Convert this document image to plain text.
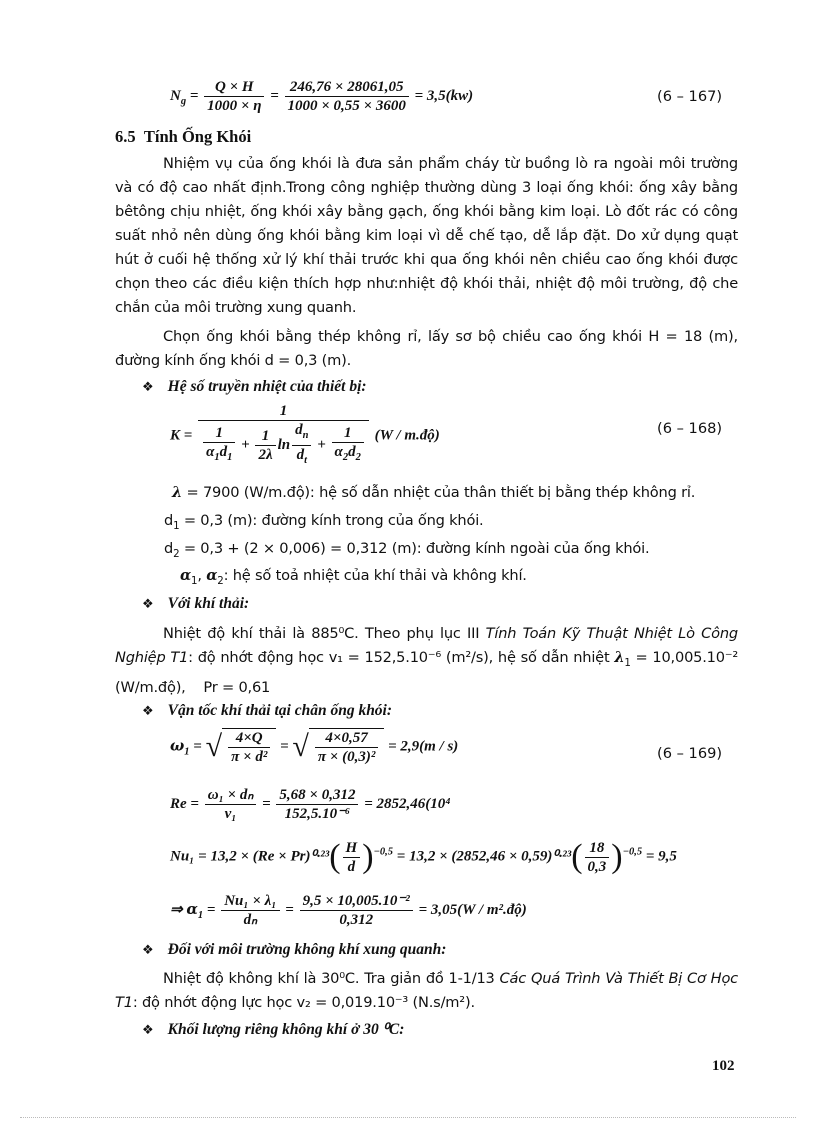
$N_g = \frac{Q \times H}{1000 \times \eta} = \frac{246,76 \times 28061,05}{1000 \times 0,55 \times 3600} = 3,5(kw)$	(6 – 167)
6.5 Tính Ống Khói
Nhiệm vụ của ống khói là đưa sản phẩm cháy từ buồng lò ra ngoài môi trường và có độ cao nhất định.Trong công nghiệp thường dùng 3 loại ống khói: ống xây bằng bêtông chịu nhiệt, ống khói xây bằng gạch, ống khói bằng kim loại. Lò đốt rác có công suất nhỏ nên dùng ống khói bằng kim loại vì dễ chế tạo, dễ lắp đặt. Do xử dụng quạt hút ở cuối hệ thống xử lý khí thải trước khi qua ống khói nên chiều cao ống khói được chọn theo các điều kiện thích hợp như:nhiệt độ khói thải, nhiệt độ môi trường, độ che chắn của môi trường xung quanh.
Chọn ống khói bằng thép không rỉ, lấy sơ bộ chiều cao ống khói H = 18 (m), đường kính ống khói d = 0,3 (m).
❖ Hệ số truyền nhiệt của thiết bị:
$K = \frac{1}{\frac{1}{\alpha_1d_1} + \frac{1}{2\lambda} \ln \frac{d_n}{d_t} + \frac{1}{\alpha_2d_2}} (W$ / m.độ)	(6 – 168)
λ = 7900 (W/m.độ): hệ số dẫn nhiệt của thân thiết bị bằng thép không rỉ.
$d_1 = 0,3$ (m): đường kính trong của ống khói.
$d_2 = 0,3 + (2 \times 0,006) = 0,312$ (m): đường kính ngoài của ống khói.
$\alpha_1$, $\alpha_2$: hệ số toả nhiệt của khí thải và không khí.
❖ Với khí thải:
Nhiệt độ khí thải là 885⁰C. Theo phụ lục III Tính Toán Kỹ Thuật Nhiệt Lò Công Nghiệp T1: độ nhớt động học v₁ = 152,5.10⁻⁶ (m²/s), hệ số dẫn nhiệt $\lambda_1 = 10,005.10^{-2}$ (W/m.độ), Pr = 0,61
❖ Vận tốc khí thải tại chân ống khói:
$\omega_1$ = √ $\frac{4\times Q}{\text{π × d²}}$ = √ $\frac{4\times 0,57}{\text{π × (0,3)²}} = 2,9(m / s)$	(6 – 169)
$Re = \frac{\text{ω₁ × dₙ}}{\text{ν₁}} = \frac{5,68 \times 0,312}{\text{152,5.10⁻⁶}} = 2852,46(10^4$
$Nu_1 = 13,2 \times (Re \times Pr)^0\cdot^{23}( \frac{H}{d} )^{-0,5} = 13,2 \times (2852,46 \times 0,59)^0\cdot^{23}( \frac{18}{0,3} )^{-0,5} = 9,5$
⇒ $\alpha_1 = \frac{\text{Nu₁ × λ₁}}{\text{dₙ}} = \frac{\text{9,5 × 10,005.10⁻²}}{0,312} = 3,05(W$ / m².độ)
❖ Đối với môi trường không khí xung quanh:
Nhiệt độ không khí là 30⁰C. Tra giản đồ 1-1/13 Các Quá Trình Và Thiết Bị Cơ Học T1: độ nhớt động lực học v₂ = 0,019.10⁻³ (N.s/m²).
❖ Khối lượng riêng không khí ở 30 ⁰C:
102
